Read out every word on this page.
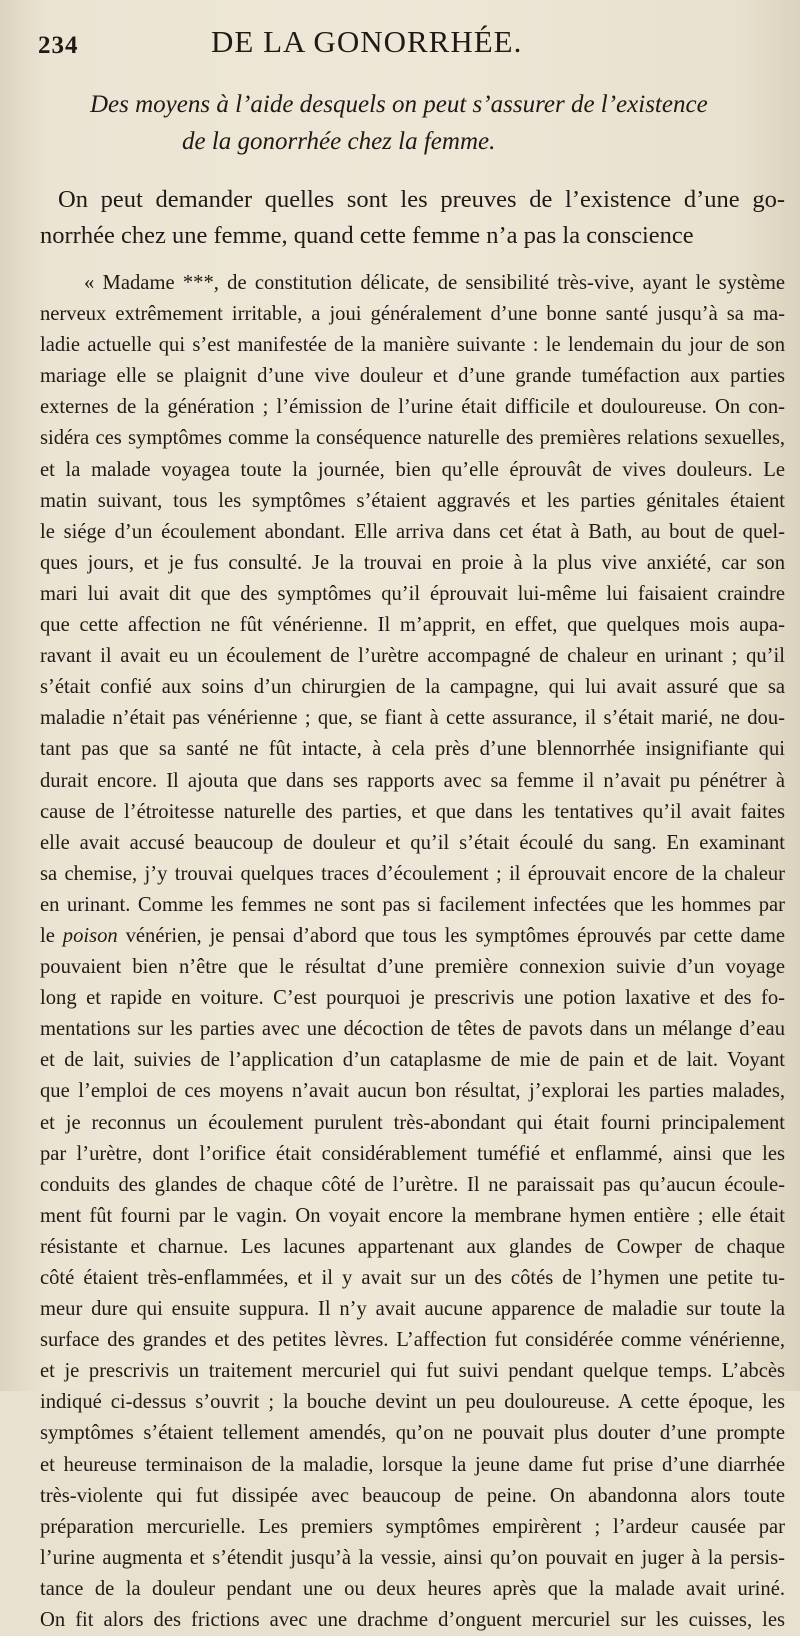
234	DE LA GONORRHÉE.
Des moyens à l’aide desquels on peut s’assurer de l’existence
de la gonorrhée chez la femme.

On peut demander quelles sont les preuves de l’existence d’une go-

norrhée chez une femme, quand cette femme n’a pas la conscience

« Madame ***, de constitution délicate, de sensibilité très-vive, ayant le système
nerveux extrêmement irritable, a joui généralement d’une bonne santé jusqu’à sa ma-
ladie actuelle qui s’est manifestée de la manière suivante : le lendemain du jour de son
mariage elle se plaignit d’une vive douleur et d’une grande tuméfaction aux parties
externes de la génération ; l’émission de l’urine était difficile et douloureuse. On con-
sidéra ces symptômes comme la conséquence naturelle des premières relations sexuelles,
et la malade voyagea toute la journée, bien qu’elle éprouvât de vives douleurs. Le
matin suivant, tous les symptômes s’étaient aggravés et les parties génitales étaient
le siége d’un écoulement abondant. Elle arriva dans cet état à Bath, au bout de quel-
ques jours, et je fus consulté. Je la trouvai en proie à la plus vive anxiété, car son
mari lui avait dit que des symptômes qu’il éprouvait lui-même lui faisaient craindre
que cette affection ne fût vénérienne. Il m’apprit, en effet, que quelques mois aupa-
ravant il avait eu un écoulement de l’urètre accompagné de chaleur en urinant ; qu’il
s’était confié aux soins d’un chirurgien de la campagne, qui lui avait assuré que sa
maladie n’était pas vénérienne ; que, se fiant à cette assurance, il s’était marié, ne dou-
tant pas que sa santé ne fût intacte, à cela près d’une blennorrhée insignifiante qui
durait encore. Il ajouta que dans ses rapports avec sa femme il n’avait pu pénétrer à
cause de l’étroitesse naturelle des parties, et que dans les tentatives qu’il avait faites
elle avait accusé beaucoup de douleur et qu’il s’était écoulé du sang. En examinant
sa chemise, j’y trouvai quelques traces d’écoulement ; il éprouvait encore de la chaleur
en urinant. Comme les femmes ne sont pas si facilement infectées que les hommes par
le poison vénérien, je pensai d’abord que tous les symptômes éprouvés par cette dame
pouvaient bien n’être que le résultat d’une première connexion suivie d’un voyage
long et rapide en voiture. C’est pourquoi je prescrivis une potion laxative et des fo-
mentations sur les parties avec une décoction de têtes de pavots dans un mélange d’eau
et de lait, suivies de l’application d’un cataplasme de mie de pain et de lait. Voyant
que l’emploi de ces moyens n’avait aucun bon résultat, j’explorai les parties malades,
et je reconnus un écoulement purulent très-abondant qui était fourni principalement
par l’urètre, dont l’orifice était considérablement tuméfié et enflammé, ainsi que les
conduits des glandes de chaque côté de l’urètre. Il ne paraissait pas qu’aucun écoule-
ment fût fourni par le vagin. On voyait encore la membrane hymen entière ; elle était
résistante et charnue. Les lacunes appartenant aux glandes de Cowper de chaque
côté étaient très-enflammées, et il y avait sur un des côtés de l’hymen une petite tu-
meur dure qui ensuite suppura. Il n’y avait aucune apparence de maladie sur toute la
surface des grandes et des petites lèvres. L’affection fut considérée comme vénérienne,
et je prescrivis un traitement mercuriel qui fut suivi pendant quelque temps. L’abcès
indiqué ci-dessus s’ouvrit ; la bouche devint un peu douloureuse. A cette époque, les
symptômes s’étaient tellement amendés, qu’on ne pouvait plus douter d’une prompte
et heureuse terminaison de la maladie, lorsque la jeune dame fut prise d’une diarrhée
très-violente qui fut dissipée avec beaucoup de peine. On abandonna alors toute
préparation mercurielle. Les premiers symptômes empirèrent ; l’ardeur causée par
l’urine augmenta et s’étendit jusqu’à la vessie, ainsi qu’on pouvait en juger à la persis-
tance de la douleur pendant une ou deux heures après que la malade avait uriné.
On fit alors des frictions avec une drachme d’onguent mercuriel sur les cuisses, les
